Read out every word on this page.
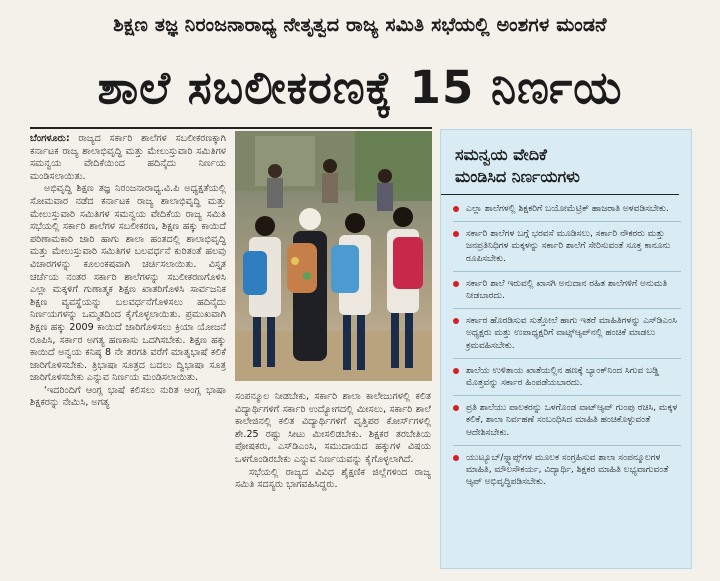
ಶಿಕ್ಷಣ ತಜ್ಞ ನಿರಂಜನಾರಾಧ್ಯ ನೇತೃತ್ವದ ರಾಜ್ಯ ಸಮಿತಿ ಸಭೆಯಲ್ಲಿ ಅಂಶಗಳ ಮಂಡನೆ
ಶಾಲೆ ಸಬಲೀಕರಣಕ್ಕೆ 15 ನಿರ್ಣಯ

ಬೆಂಗಳೂರು: ರಾಜ್ಯದ ಸರ್ಕಾರಿ ಶಾಲೆಗಳ ಸಬಲೀಕರಣಕ್ಕಾಗಿ ಕರ್ನಾಟಕ ರಾಜ್ಯ ಶಾಲಾಭಿವೃದ್ಧಿ ಮತ್ತು ಮೇಲುಸ್ತುವಾರಿ ಸಮಿತಿಗಳ ಸಮನ್ವಯ ವೇದಿಕೆಯಿಂದ ಹದಿನೈದು ನಿರ್ಣಯ ಮಂಡಿಸಲಾಯಿತು.

ಅಭಿವೃದ್ಧಿ ಶಿಕ್ಷಣ ತಜ್ಞ ನಿರಂಜನಾರಾಧ್ಯ.ವಿ.ಪಿ ಅಧ್ಯಕ್ಷತೆಯಲ್ಲಿ ಸೋಮವಾರ ನಡೆದ ಕರ್ನಾಟಕ ರಾಜ್ಯ ಶಾಲಾಭಿವೃದ್ಧಿ ಮತ್ತು ಮೇಲುಸ್ತುವಾರಿ ಸಮಿತಿಗಳ ಸಮನ್ವಯ ವೇದಿಕೆಯ ರಾಜ್ಯ ಸಮಿತಿ ಸಭೆಯಲ್ಲಿ ಸರ್ಕಾರಿ ಶಾಲೆಗಳ ಸಬಲೀಕರಣ, ಶಿಕ್ಷಣ ಹಕ್ಕು ಕಾಯಿದೆ ಪರಿಣಾಮಕಾರಿ ಜಾರಿ ಹಾಗು ಶಾಲಾ ಹಂತದಲ್ಲಿ ಶಾಲಾಭಿವೃದ್ಧಿ ಮತ್ತು ಮೇಲುಸ್ತುವಾರಿ ಸಮಿತಿಗಳ ಬಲವರ್ಧನೆ ಕುರಿತಂತೆ ಹಲವು ವಿಚಾರಗಳನ್ನು ಕೂಲಂಕಷವಾಗಿ ಚರ್ಚಿಸಲಾಯಿತು. ವಿಸ್ತೃತ ಚರ್ಚೆಯ ನಂತರ ಸರ್ಕಾರಿ ಶಾಲೆಗಳನ್ನು ಸಬಲೀಕರಣಗೊಳಿಸಿ ಎಲ್ಲಾ ಮಕ್ಕಳಿಗೆ ಗುಣಾತ್ಮಕ ಶಿಕ್ಷಣ ಖಾತರಿಗೊಳಿಸಿ ಸಾರ್ವಜನಿಕ ಶಿಕ್ಷಣ ವ್ಯವಸ್ಥೆಯನ್ನು ಬಲವರ್ಧನೆಗೊಳಿಸಲು ಹದಿನೈದು ನಿರ್ಣಯಗಳನ್ನು ಒಮ್ಮತದಿಂದ ಕೈಗೊಳ್ಳಲಾಯಿತು. ಪ್ರಮುಖವಾಗಿ ಶಿಕ್ಷಣ ಹಕ್ಕು 2009 ಕಾಯಿದೆ ಜಾರಿಗೊಳಿಸಲು ಕ್ರಿಯಾ ಯೋಜನೆ ರೂಪಿಸಿ, ಸರ್ಕಾರ ಅಗತ್ಯ ಹಣಕಾಸು ಒದಗಿಸಬೇಕು. ಶಿಕ್ಷಣ ಹಕ್ಕು ಕಾಯಿದೆ ಅನ್ವಯ ಕನಿಷ್ಠ 8 ನೇ ತರಗತಿ ವರೆಗೆ ಮಾತೃಭಾಷೆ ಕಲಿಕೆ ಜಾರಿಗೊಳಿಸಬೇಕು. ತ್ರಿಭಾಷಾ ಸೂತ್ರದ ಬದಲು ದ್ವಿಭಾಷಾ ಸೂತ್ರ ಜಾರಿಗೊಳಿಸಬೇಕು ಎನ್ನುವ ನಿರ್ಣಯ ಮಂಡಿಸಲಾಯಿತು.

‘ಇದರಿಂದಿಗೆ ಆಂಗ್ಲ ಭಾಷೆ ಕಲಿಸಲು ನುರಿತ ಆಂಗ್ಲ ಭಾಷಾ ಶಿಕ್ಷಕರನ್ನು ನೇಮಿಸಿ, ಅಗತ್ಯ

ಸಂಪನ್ಮೂಲ ನೀಡಬೇಕು, ಸರ್ಕಾರಿ ಶಾಲಾ ಕಾಲೇಜುಗಳಲ್ಲಿ ಕಲಿತ ವಿದ್ಯಾರ್ಥಿಗಳಿಗೆ ಸರ್ಕಾರಿ ಉದ್ಯೋಗದಲ್ಲಿ ಮೀಸಲು, ಸರ್ಕಾರಿ ಶಾಲೆ ಕಾಲೇಜಿನಲ್ಲಿ ಕಲಿತ ವಿದ್ಯಾರ್ಥಿಗಳಿಗೆ ವೃತ್ತಿಪರ ಕೋರ್ಸ್‌ಗಳಲ್ಲಿ ಶೇ.25 ರಷ್ಟು ಸೀಟು ಮೀಸಲಿಡಬೇಕು. ಶಿಕ್ಷಕರ ತರಬೇತಿಯ ಪೋಷಕರು, ಎಸ್‌ಡಿಎಂಸಿ, ಸಮುದಾಯದ ಹಕ್ಕುಗಳ ವಿಷಯ ಒಳಗೊಂಡಿರಬೇಕು ಎನ್ನುವ ನಿರ್ಣಯವನ್ನು ಕೈಗೊಳ್ಳಲಾಗಿದೆ.

ಸಭೆಯಲ್ಲಿ ರಾಜ್ಯದ ವಿವಿಧ ಶೈಕ್ಷಣಿಕ ಜಿಲ್ಲೆಗಳಿಂದ ರಾಜ್ಯ ಸಮಿತಿ ಸದಸ್ಯರು ಭಾಗವಹಿಸಿದ್ದರು.

ಸಮನ್ವಯ ವೇದಿಕೆ
ಮಂಡಿಸಿದ ನಿರ್ಣಯಗಳು
ಎಲ್ಲಾ ಶಾಲೆಗಳಲ್ಲಿ ಶಿಕ್ಷಕರಿಗೆ ಬಯೋಮೆಟ್ರಿಕ್ ಹಾಜರಾತಿ ಅಳವಡಿಸಬೇಕು.
ಸರ್ಕಾರಿ ಶಾಲೆಗಳ ಬಗ್ಗೆ ಭರವಸೆ ಮೂಡಿಸಲು, ಸರ್ಕಾರಿ ನೌಕರರು ಮತ್ತು ಜನಪ್ರತಿನಿಧಿಗಳ ಮಕ್ಕಳನ್ನು ಸರ್ಕಾರಿ ಶಾಲೆಗೆ ಸೇರಿಸುವಂತೆ ಸೂಕ್ತ ಕಾನೂನು ರೂಪಿಸಬೇಕು.
ಸರ್ಕಾರಿ ಶಾಲೆ ಇರುವಲ್ಲಿ ಖಾಸಗಿ ಅನುದಾನ ರಹಿತ ಶಾಲೆಗಳಿಗೆ ಅನುಮತಿ ನೀಡಬಾರದು.
ಸರ್ಕಾರ ಹೊರಡಿಸುವ ಸುತ್ತೋಲೆ ಹಾಗು ಇತರೆ ಮಾಹಿತಿಗಳನ್ನು ಎಸ್‌ಡಿಎಂಸಿ ಅಧ್ಯಕ್ಷರು ಮತ್ತು ಉಪಾಧ್ಯಕ್ಷರಿಗೆ ವಾಟ್ಸ್‌ಆ್ಯಪ್‌ನಲ್ಲಿ ಹಂಚಿಕೆ ಮಾಡಲು ಕ್ರಮವಹಿಸಬೇಕು.
ಶಾಲೆಯ ಉಳಿತಾಯ ಖಾತೆಯಲ್ಲಿನ ಹಣಕ್ಕೆ ಬ್ಯಾಂಕ್‌ನಿಂದ ಸಿಗುವ ಬಡ್ಡಿ ಮೊತ್ತವನ್ನು ಸರ್ಕಾರ ಹಿಂಪಡೆಯಬಾರದು.
ಪ್ರತಿ ಶಾಲೆಯು ಪಾಲಕರನ್ನು ಒಳಗೊಂಡ ವಾಟ್‌ಆ್ಯಪ್ ಗುಂಪು ರಚಿಸಿ, ಮಕ್ಕಳ ಕಲಿಕೆ, ಶಾಲಾ ನಿರ್ವಹಣೆ ಸಂಬಂಧಿಸಿದ ಮಾಹಿತಿ ಹಂಚಿಕೊಳ್ಳುವಂತೆ ಆದೇಶಿಸಬೇಕು.
ಯುಟ್ಯೂಬ್/ಸ್ನ್ಯಾಪ್ಸ್‌ಗಳ ಮೂಲಕ ಸಂಗ್ರಹಿಸುವ ಶಾಲಾ ಸಂಪನ್ಮೂಲಗಳ ಮಾಹಿತಿ, ಮೌಲಸೌಕರ್ಯ, ವಿದ್ಯಾರ್ಥಿ, ಶಿಕ್ಷಕರ ಮಾಹಿತಿ ಲಭ್ಯವಾಗುವಂತೆ ಆ್ಯಪ್ ಅಭಿವೃದ್ಧಿಪಡಿಸಬೇಕು.
